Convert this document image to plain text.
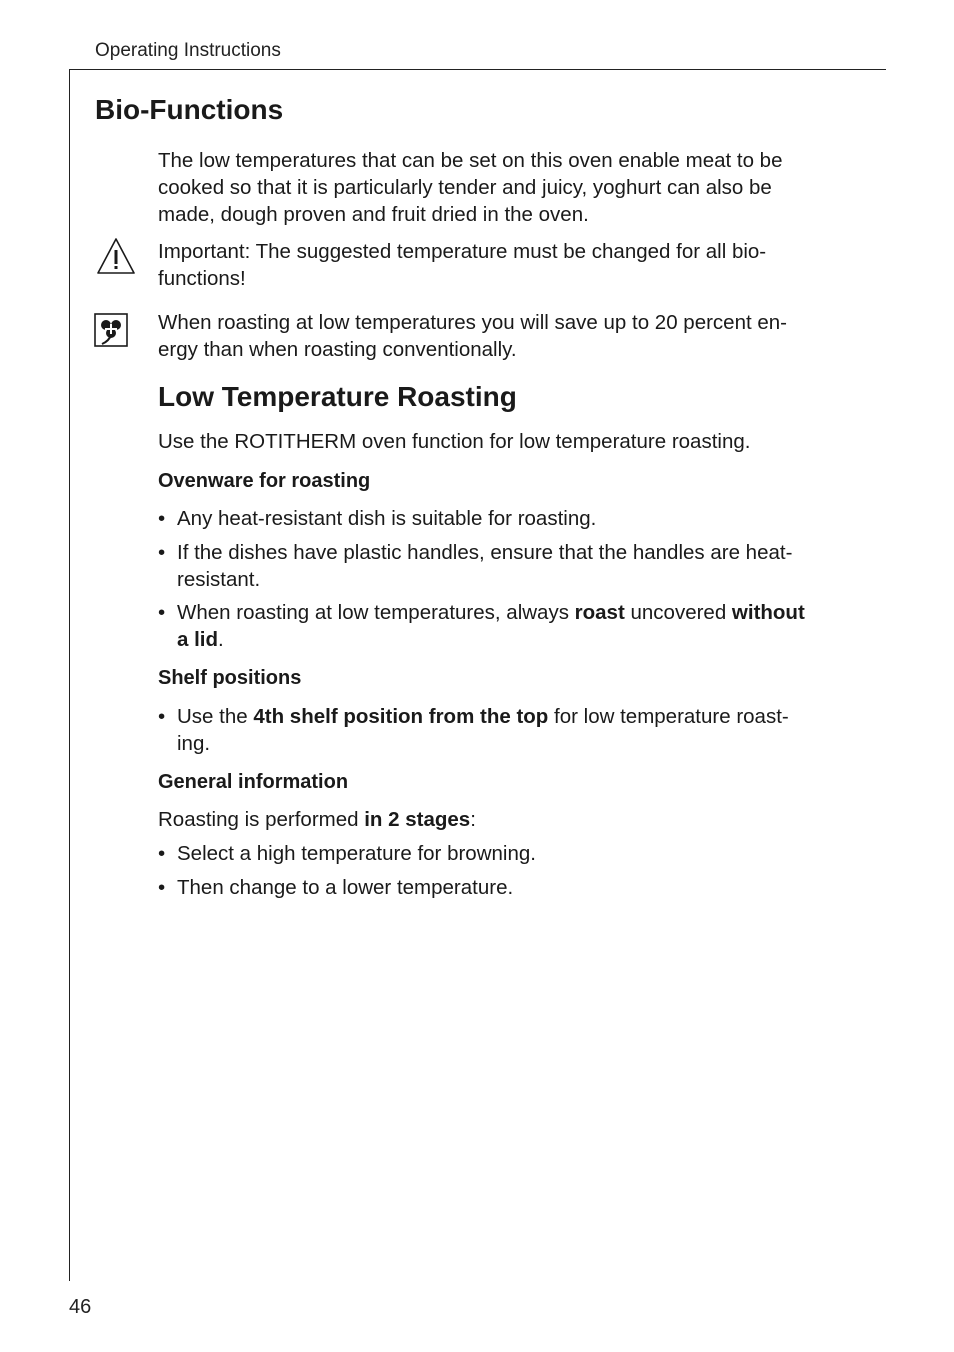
Operating Instructions
Bio-Functions
The low temperatures that can be set on this oven enable meat to be
cooked so that it is particularly tender and juicy, yoghurt can also be
made, dough proven and fruit dried in the oven.
Important: The suggested temperature must be changed for all bio-
functions!
When roasting at low temperatures you will save up to 20 percent en-
ergy than when roasting conventionally.
Low Temperature Roasting
Use the ROTITHERM oven function for low temperature roasting.
Ovenware for roasting
• Any heat-resistant dish is suitable for roasting.
• If the dishes have plastic handles, ensure that the handles are heat-
resistant.
• When roasting at low temperatures, always roast uncovered without
a lid.
Shelf positions
• Use the 4th shelf position from the top for low temperature roast-
ing.
General information
Roasting is performed in 2 stages:
• Select a high temperature for browning.
• Then change to a lower temperature.
46
